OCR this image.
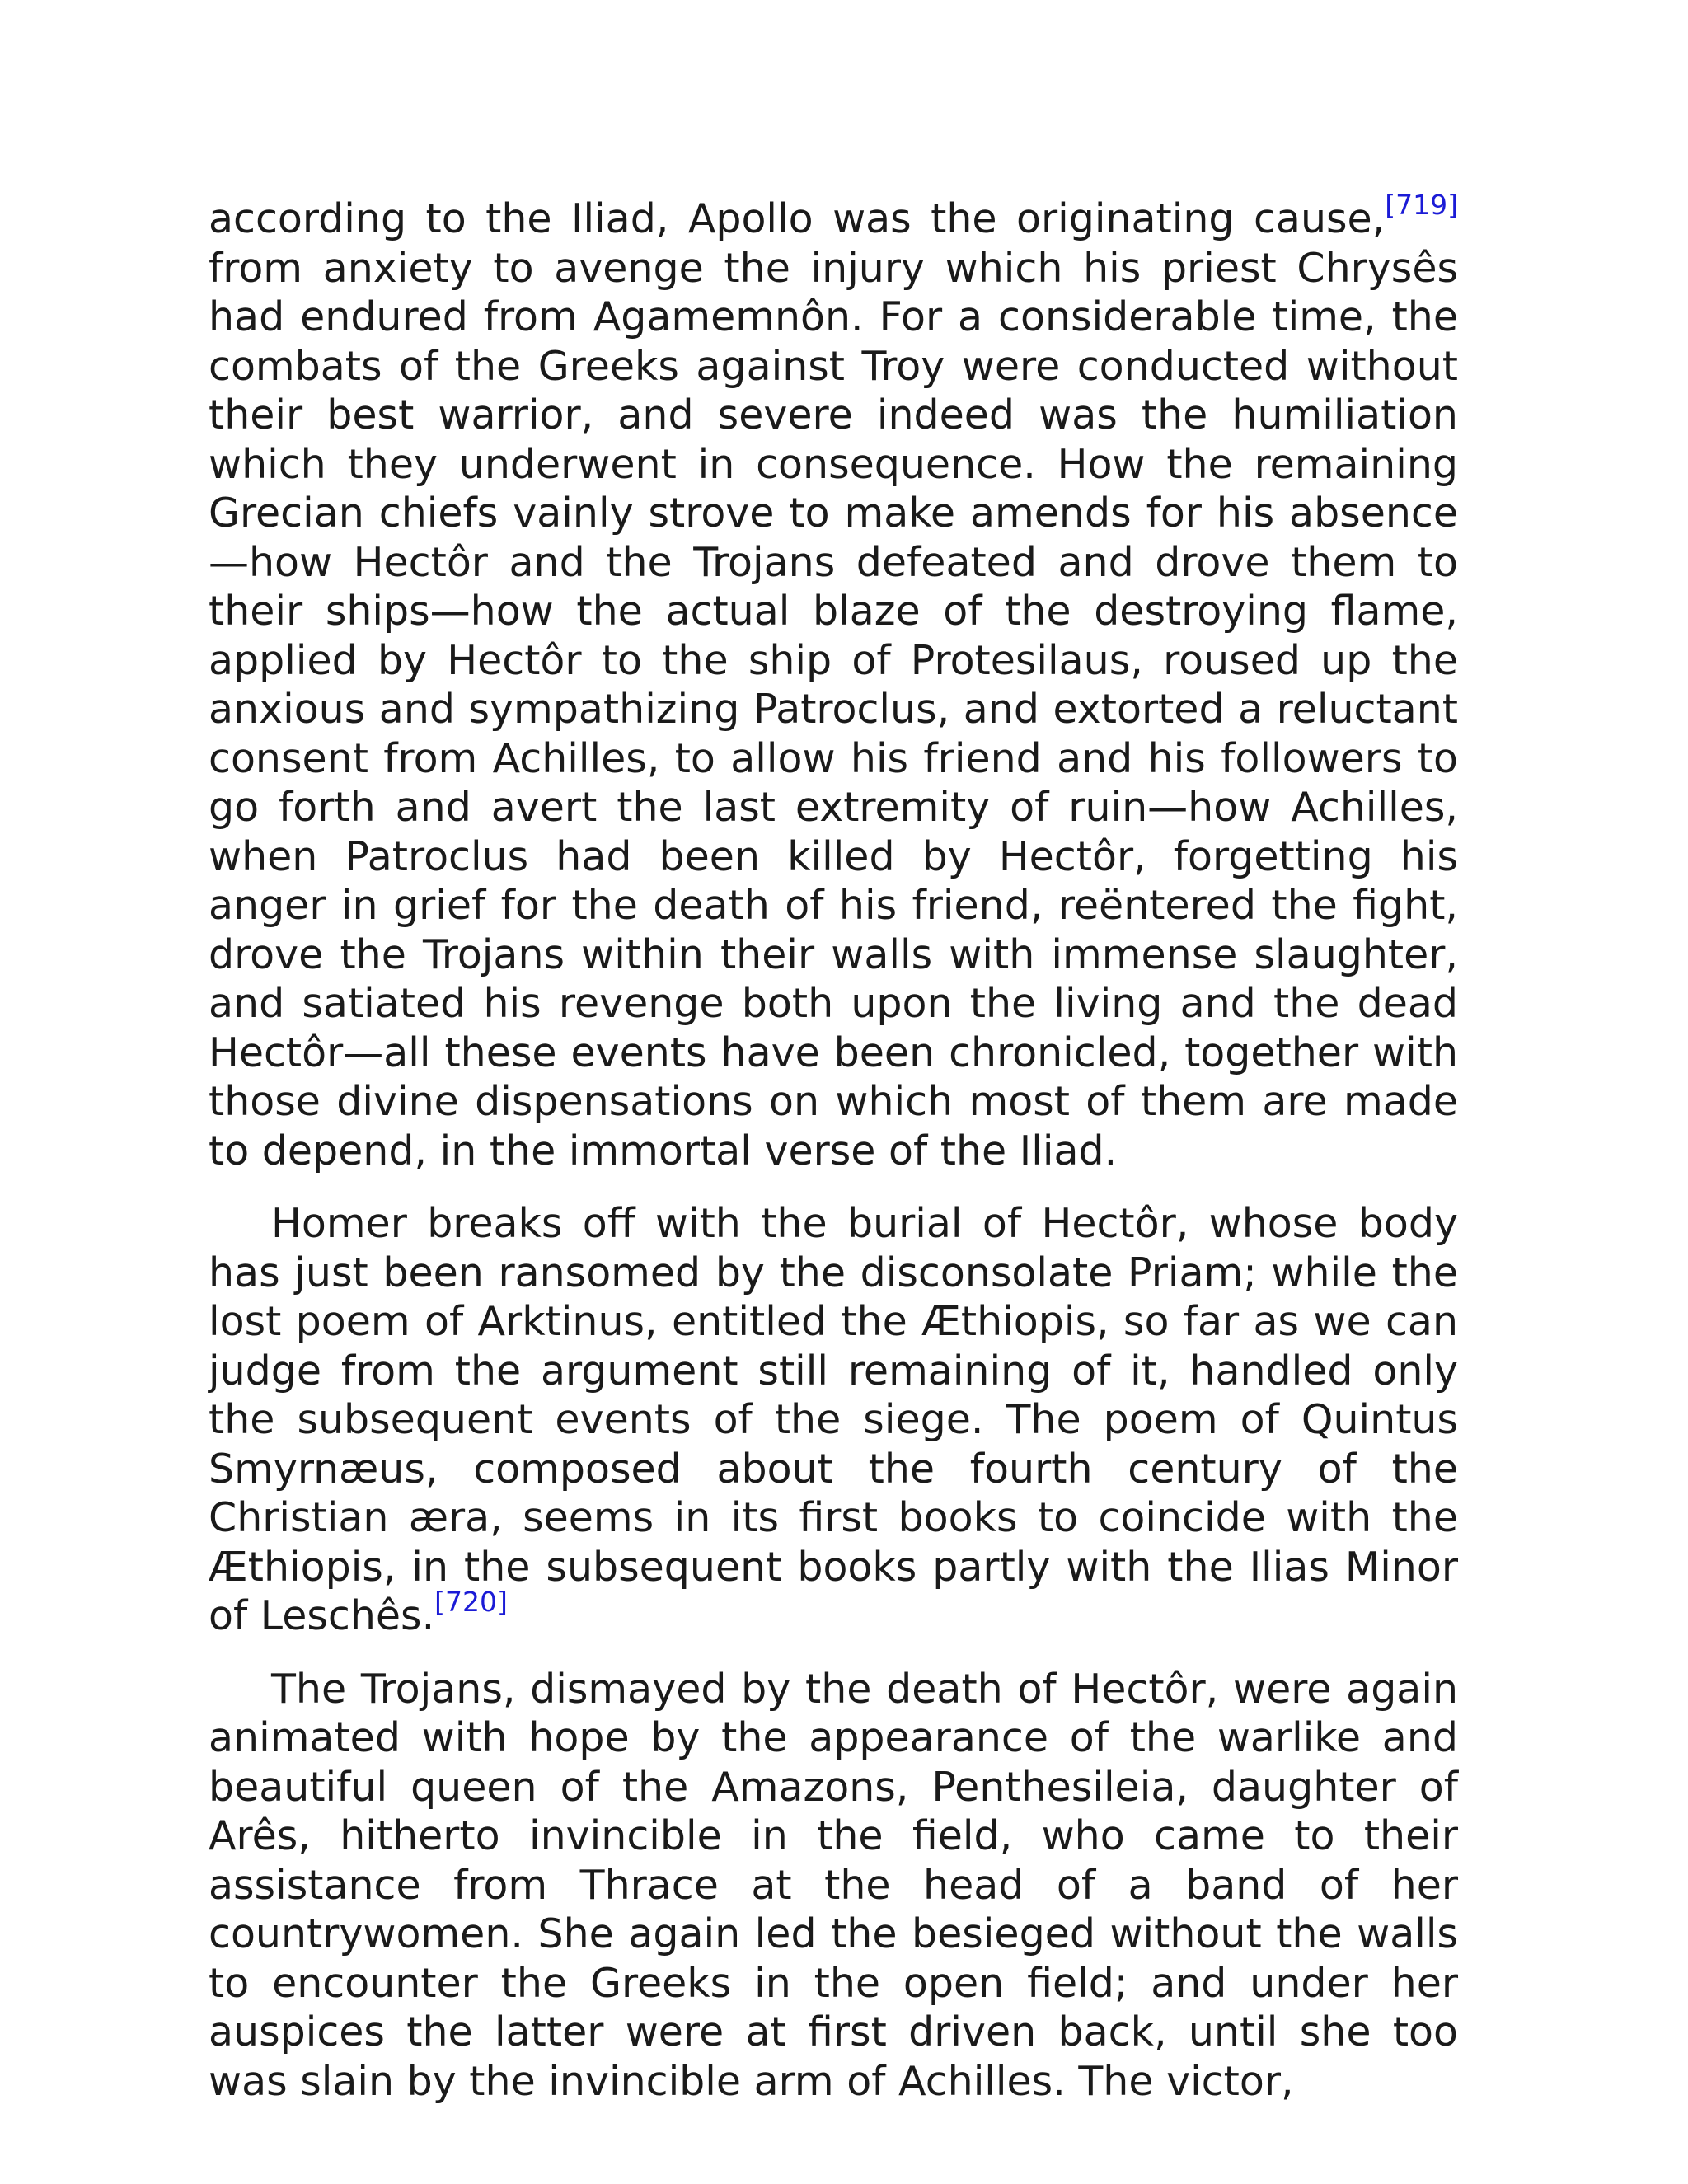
according to the Iliad, Apollo was the originating cause,[719] from anxiety to avenge the injury which his priest Chrysês had endured from Agamemnôn. For a considerable time, the combats of the Greeks against Troy were conducted without their best warrior, and severe indeed was the humiliation which they underwent in consequence. How the remaining Grecian chiefs vainly strove to make amends for his absence—how Hectôr and the Trojans defeated and drove them to their ships—how the actual blaze of the destroying flame, applied by Hectôr to the ship of Protesilaus, roused up the anxious and sympathizing Patroclus, and extorted a reluctant consent from Achilles, to allow his friend and his followers to go forth and avert the last extremity of ruin—how Achilles, when Patroclus had been killed by Hectôr, forgetting his anger in grief for the death of his friend, reëntered the fight, drove the Trojans within their walls with immense slaughter, and satiated his revenge both upon the living and the dead Hectôr—all these events have been chronicled, together with those divine dispensations on which most of them are made to depend, in the immortal verse of the Iliad.

Homer breaks off with the burial of Hectôr, whose body has just been ransomed by the disconsolate Priam; while the lost poem of Arktinus, entitled the Æthiopis, so far as we can judge from the argument still remaining of it, handled only the subsequent events of the siege. The poem of Quintus Smyrnæus, composed about the fourth century of the Christian æra, seems in its first books to coincide with the Æthiopis, in the subsequent books partly with the Ilias Minor of Leschês.[720]

The Trojans, dismayed by the death of Hectôr, were again animated with hope by the appearance of the warlike and beautiful queen of the Amazons, Penthesileia, daughter of Arês, hitherto invincible in the field, who came to their assistance from Thrace at the head of a band of her countrywomen. She again led the besieged without the walls to encounter the Greeks in the open field; and under her auspices the latter were at first driven back, until she too was slain by the invincible arm of Achilles. The victor,
